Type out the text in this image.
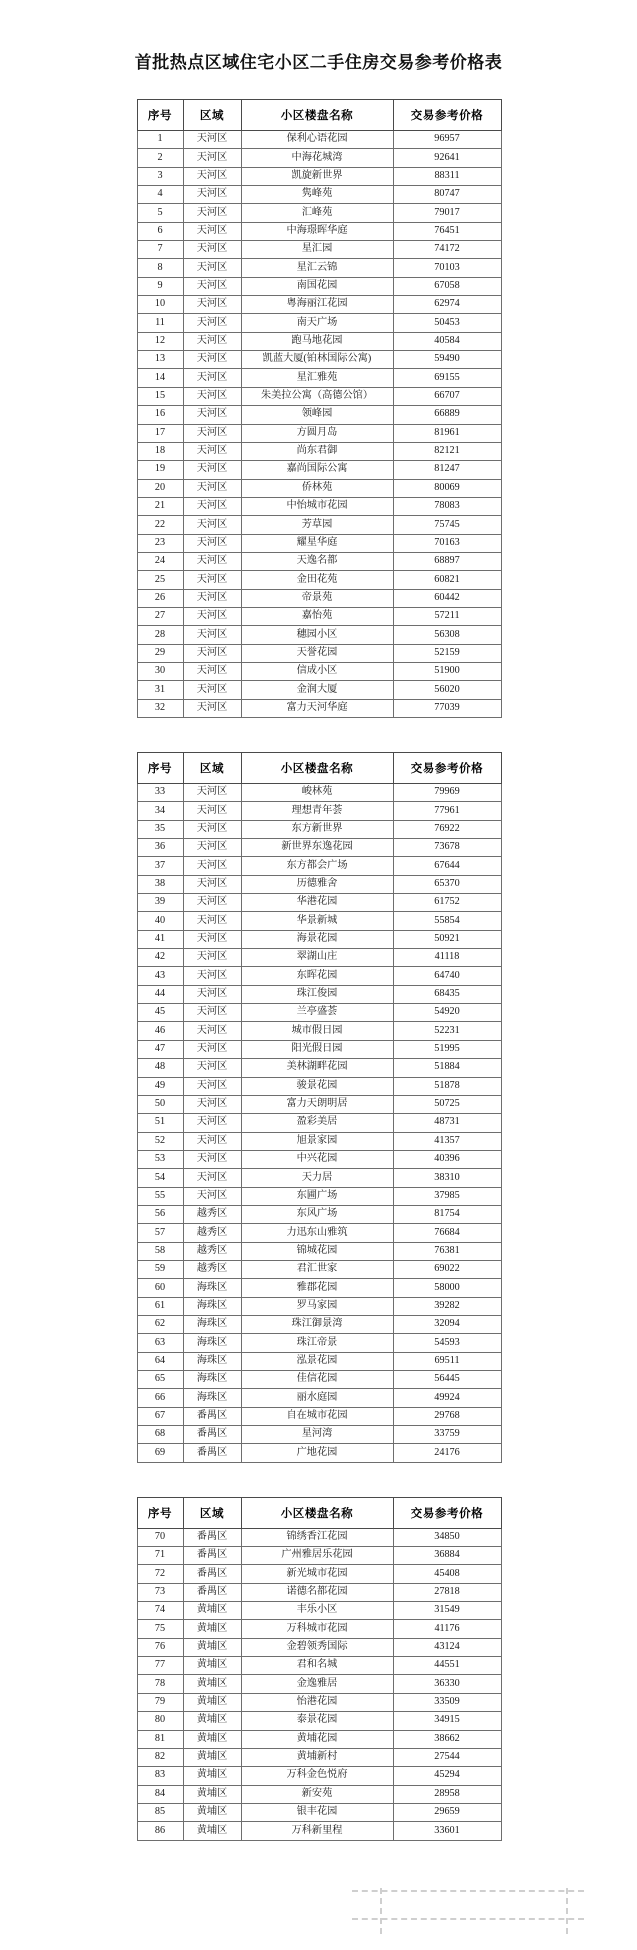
首批热点区域住宅小区二手住房交易参考价格表
序号	区域	小区楼盘名称	交易参考价格
1	天河区	保利心语花园	96957
2	天河区	中海花城湾	92641
3	天河区	凯旋新世界	88311
4	天河区	隽峰苑	80747
5	天河区	汇峰苑	79017
6	天河区	中海璟晖华庭	76451
7	天河区	星汇园	74172
8	天河区	星汇云锦	70103
9	天河区	南国花园	67058
10	天河区	粤海丽江花园	62974
11	天河区	南天广场	50453
12	天河区	跑马地花园	40584
13	天河区	凯蓝大厦(铂林国际公寓)	59490
14	天河区	星汇雅苑	69155
15	天河区	朱美拉公寓（高德公馆）	66707
16	天河区	领峰园	66889
17	天河区	方圆月岛	81961
18	天河区	尚东君御	82121
19	天河区	嘉尚国际公寓	81247
20	天河区	侨林苑	80069
21	天河区	中怡城市花园	78083
22	天河区	芳草园	75745
23	天河区	耀星华庭	70163
24	天河区	天逸名都	68897
25	天河区	金田花苑	60821
26	天河区	帝景苑	60442
27	天河区	嘉怡苑	57211
28	天河区	穗园小区	56308
29	天河区	天誉花园	52159
30	天河区	信成小区	51900
31	天河区	金润大厦	56020
32	天河区	富力天河华庭	77039
序号	区域	小区楼盘名称	交易参考价格
33	天河区	峻林苑	79969
34	天河区	理想青年荟	77961
35	天河区	东方新世界	76922
36	天河区	新世界东逸花园	73678
37	天河区	东方都会广场	67644
38	天河区	历德雅舍	65370
39	天河区	华港花园	61752
40	天河区	华景新城	55854
41	天河区	海景花园	50921
42	天河区	翠湖山庄	41118
43	天河区	东晖花园	64740
44	天河区	珠江俊园	68435
45	天河区	兰亭盛荟	54920
46	天河区	城市假日园	52231
47	天河区	阳光假日园	51995
48	天河区	美林湖畔花园	51884
49	天河区	骏景花园	51878
50	天河区	富力天朗明居	50725
51	天河区	盈彩美居	48731
52	天河区	旭景家园	41357
53	天河区	中兴花园	40396
54	天河区	天力居	38310
55	天河区	东圃广场	37985
56	越秀区	东风广场	81754
57	越秀区	力迅东山雅筑	76684
58	越秀区	锦城花园	76381
59	越秀区	君汇世家	69022
60	海珠区	雅郡花园	58000
61	海珠区	罗马家园	39282
62	海珠区	珠江御景湾	32094
63	海珠区	珠江帝景	54593
64	海珠区	泓景花园	69511
65	海珠区	佳信花园	56445
66	海珠区	丽水庭园	49924
67	番禺区	自在城市花园	29768
68	番禺区	星河湾	33759
69	番禺区	广地花园	24176
序号	区域	小区楼盘名称	交易参考价格
70	番禺区	锦绣香江花园	34850
71	番禺区	广州雅居乐花园	36884
72	番禺区	新光城市花园	45408
73	番禺区	诺德名都花园	27818
74	黄埔区	丰乐小区	31549
75	黄埔区	万科城市花园	41176
76	黄埔区	金碧领秀国际	43124
77	黄埔区	君和名城	44551
78	黄埔区	金逸雅居	36330
79	黄埔区	怡港花园	33509
80	黄埔区	泰景花园	34915
81	黄埔区	黄埔花园	38662
82	黄埔区	黄埔新村	27544
83	黄埔区	万科金色悦府	45294
84	黄埔区	新安苑	28958
85	黄埔区	银丰花园	29659
86	黄埔区	万科新里程	33601
